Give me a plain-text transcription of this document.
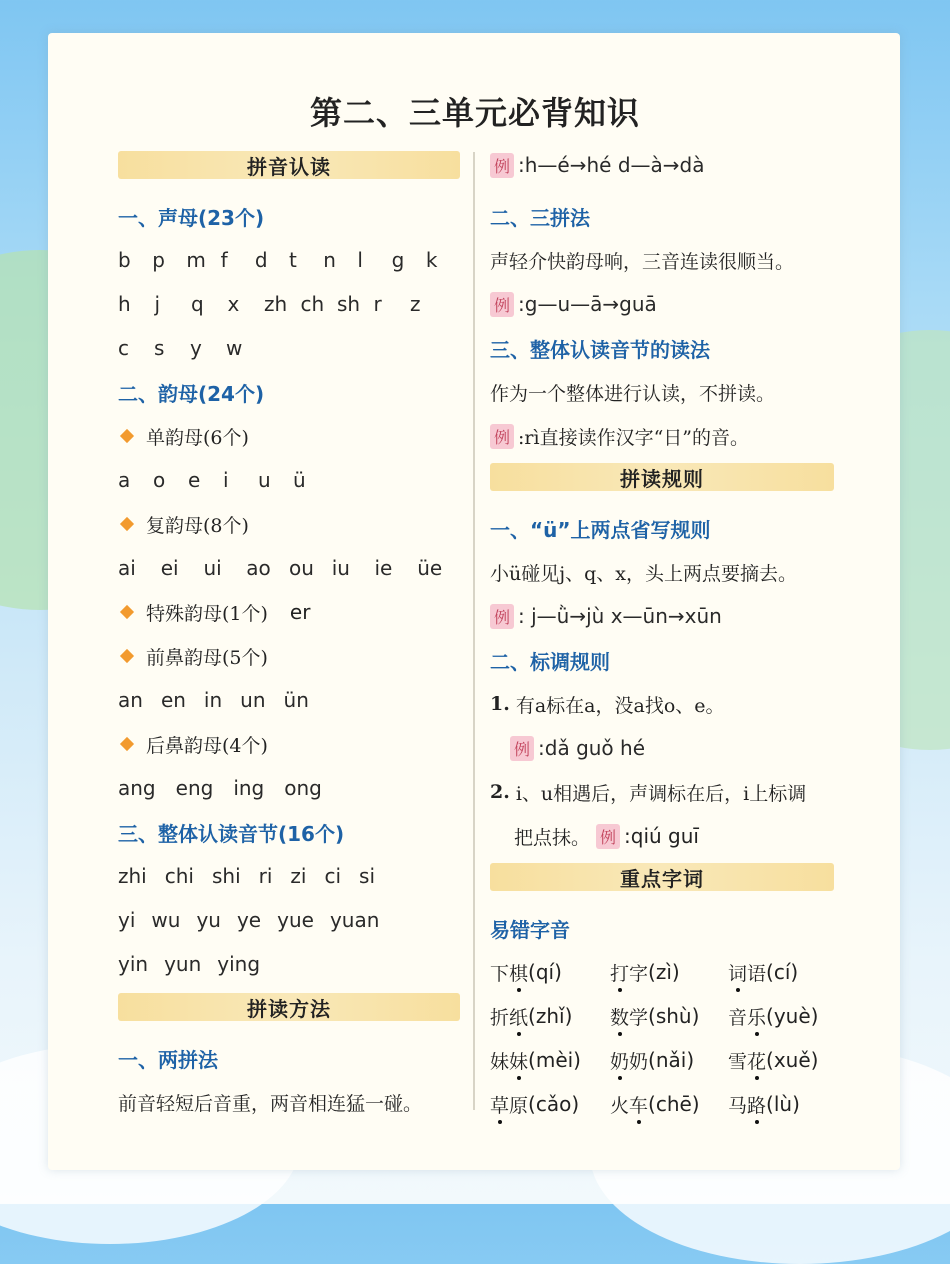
第二、三单元必背知识
拼音认读
一、声母(23个)
b	p	m f	d	t	n	l	g	k
h	j	q	x	zh ch sh r	z
c	s	y	w
二、韵母(24个)
单韵母(6个)
a	o	e	i	u	ü
复韵母(8个)
ai	ei	ui	ao ou iu	ie	üe
特殊韵母(1个) er
前鼻韵母(5个)
an en in un ün
后鼻韵母(4个)
ang eng ing ong
三、整体认读音节(16个)
zhi chi shi ri zi ci si
yi wu yu ye yue yuan
yin yun ying
拼读方法
一、两拼法
前音轻短后音重，两音相连猛一碰。
例 :h—é→hé d—à→dà
二、三拼法
声轻介快韵母响，三音连读很顺当。
例 :g—u—ā→guā
三、整体认读音节的读法
作为一个整体进行认读，不拼读。
例 :rì直接读作汉字“日”的音。
拼读规则
一、“ü”上两点省写规则
小ü碰见j、q、x，头上两点要摘去。
例 : j—ǜ→jù x—ūn→xūn
二、标调规则
1. 有a标在a，没a找o、e。
例 :dǎ guǒ hé
2. i、u相遇后，声调标在后，i上标调
把点抹。 例 :qiú guī
重点字词
易错字音
下 棋 (qí)	打 字 (zì)	词 语 (cí)
折 纸 (zhǐ) 数 学 (shù) 音 乐 (yuè)
妹 妹 (mèi) 奶 奶 (nǎi) 雪 花 (xuě)
草 原 (cǎo) 火 车 (chē) 马 路 (lù)
